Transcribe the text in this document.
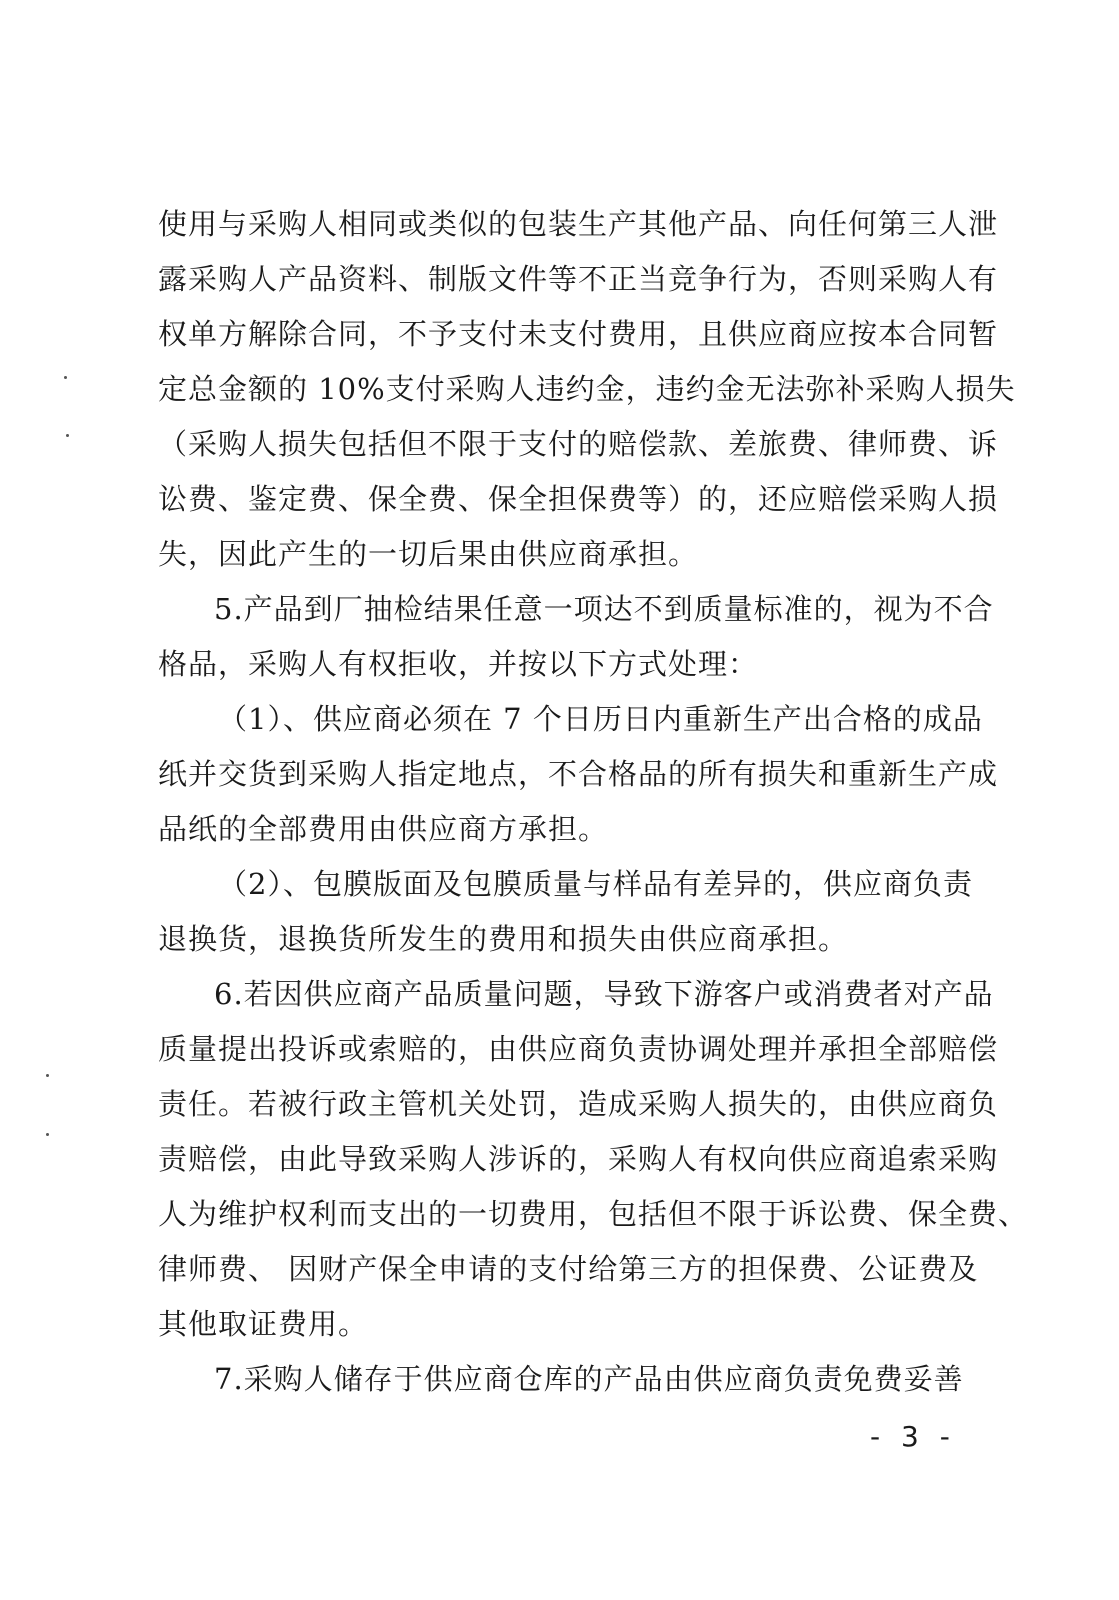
使用与采购人相同或类似的包装生产其他产品、向任何第三人泄
露采购人产品资料、制版文件等不正当竞争行为，否则采购人有
权单方解除合同，不予支付未支付费用，且供应商应按本合同暂
定总金额的 10%支付采购人违约金，违约金无法弥补采购人损失
（采购人损失包括但不限于支付的赔偿款、差旅费、律师费、诉
讼费、鉴定费、保全费、保全担保费等）的，还应赔偿采购人损
失，因此产生的一切后果由供应商承担。
5.产品到厂抽检结果任意一项达不到质量标准的，视为不合
格品，采购人有权拒收，并按以下方式处理：
（1）、供应商必须在 7 个日历日内重新生产出合格的成品
纸并交货到采购人指定地点，不合格品的所有损失和重新生产成
品纸的全部费用由供应商方承担。
（2）、包膜版面及包膜质量与样品有差异的，供应商负责
退换货，退换货所发生的费用和损失由供应商承担。
6.若因供应商产品质量问题，导致下游客户或消费者对产品
质量提出投诉或索赔的，由供应商负责协调处理并承担全部赔偿
责任。若被行政主管机关处罚，造成采购人损失的，由供应商负
责赔偿，由此导致采购人涉诉的，采购人有权向供应商追索采购
人为维护权利而支出的一切费用，包括但不限于诉讼费、保全费、
律师费、 因财产保全申请的支付给第三方的担保费、公证费及
其他取证费用。
7.采购人储存于供应商仓库的产品由供应商负责免费妥善
- 3 -
